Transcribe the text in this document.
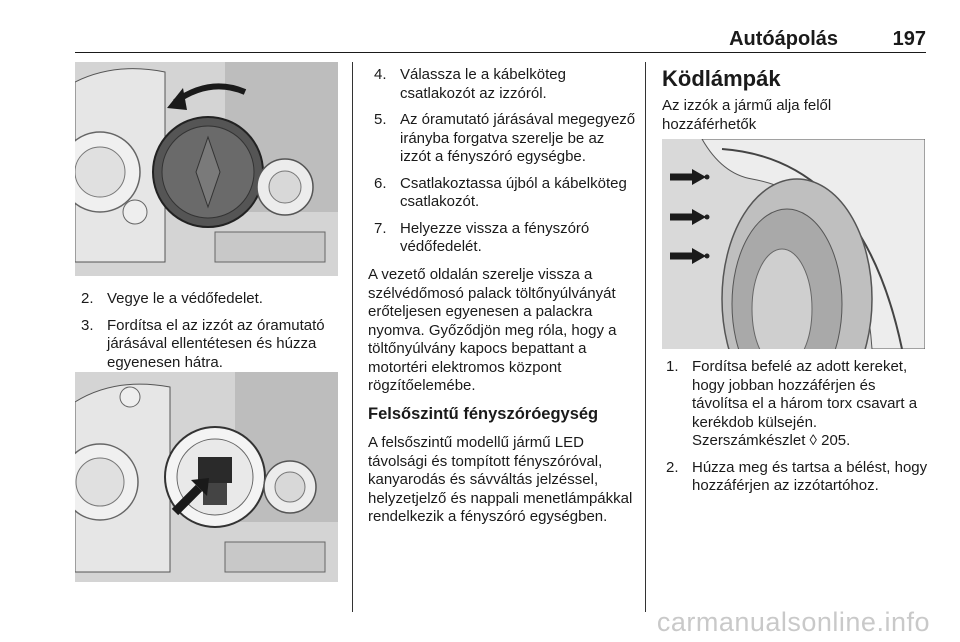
Autóápolás	197
2. Vegye le a védőfedelet.
3. Fordítsa el az izzót az óramutató járásával ellentétesen és húzza egyenesen hátra.
4. Válassza le a kábelköteg csatlakozót az izzóról.
5. Az óramutató járásával megegyező irányba forgatva szerelje be az izzót a fényszóró egységbe.
6. Csatlakoztassa újból a kábelköteg csatlakozót.
7. Helyezze vissza a fényszóró védőfedelét.

A vezető oldalán szerelje vissza a szélvédőmosó palack töltőnyúlványát erőteljesen egyenesen a palackra nyomva. Győződjön meg róla, hogy a töltőnyúlvány kapocs bepattant a motortéri elektromos központ rögzítőelemébe.

Felsőszintű fényszóróegység

A felsőszintű modellű jármű LED távolsági és tompított fényszóróval, kanyarodás és sávváltás jelzéssel, helyzetjelző és nappali menetlámpákkal rendelkezik a fényszóró egységben.

Ködlámpák

Az izzók a jármű alja felől hozzáférhetők

1. Fordítsa befelé az adott kereket, hogy jobban hozzáférjen és távolítsa el a három torx csavart a kerékdob külsején. Szerszámkészlet ◊ 205.
2. Húzza meg és tartsa a bélést, hogy hozzáférjen az izzótartóhoz.
carmanualsonline.info
